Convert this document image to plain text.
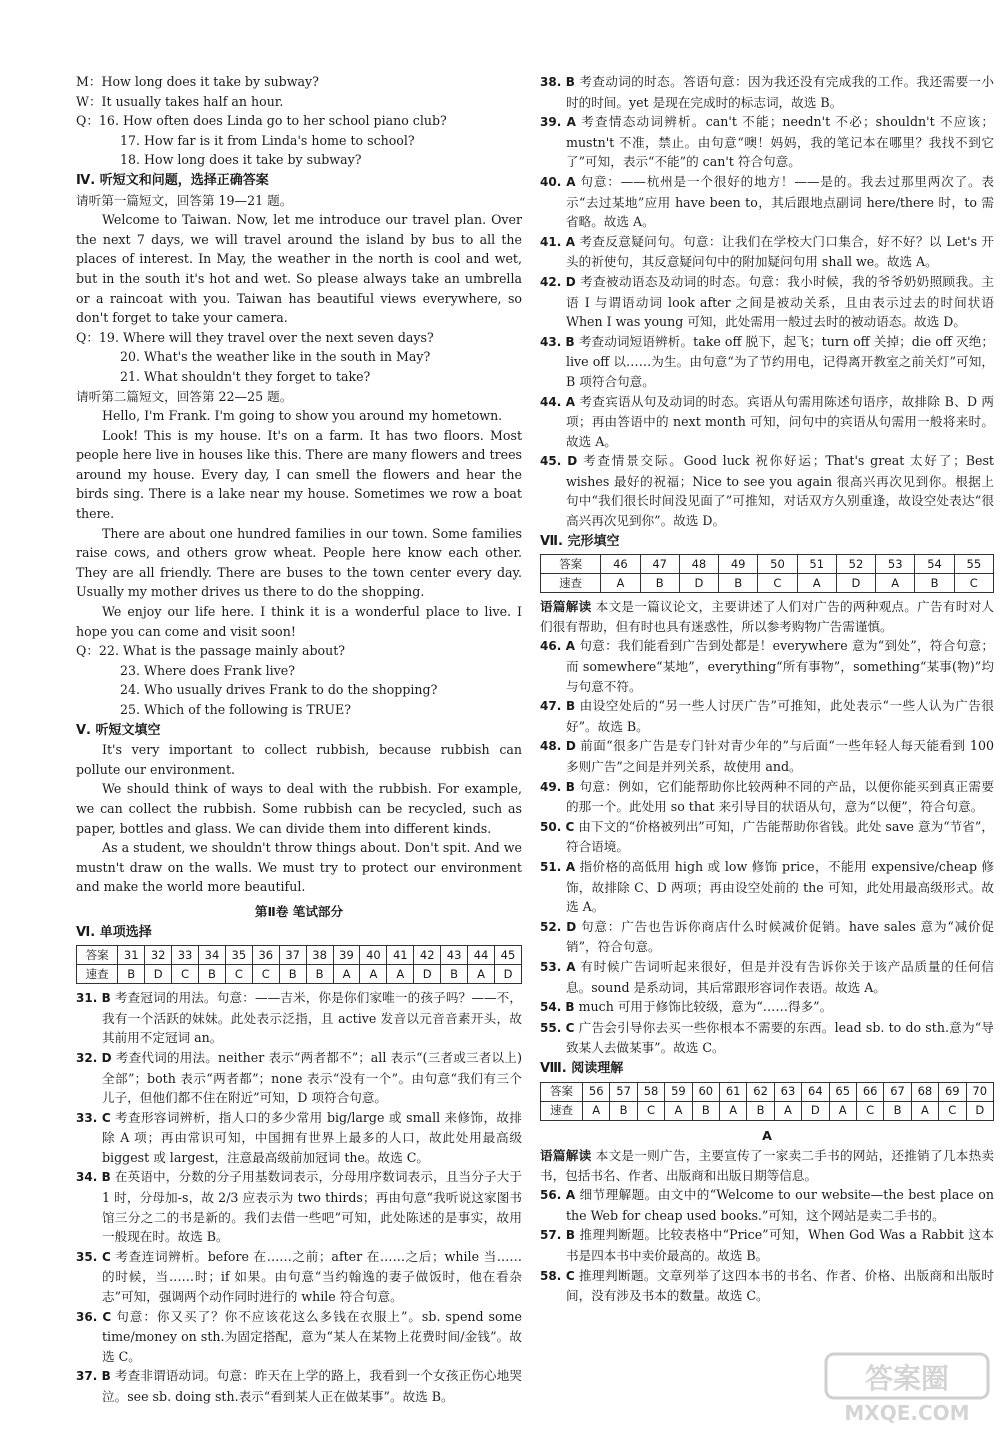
M：How long does it take by subway?

W：It usually takes half an hour.

Q：16. How often does Linda go to her school piano club?

17. How far is it from Linda's home to school?

18. How long does it take by subway?

Ⅳ. 听短文和问题，选择正确答案

请听第一篇短文，回答第 19—21 题。

Welcome to Taiwan. Now, let me introduce our travel plan. Over the next 7 days, we will travel around the island by bus to all the places of interest. In May, the weather in the north is cool and wet, but in the south it's hot and wet. So please always take an umbrella or a raincoat with you. Taiwan has beautiful views everywhere, so don't forget to take your camera.

Q：19. Where will they travel over the next seven days?

20. What's the weather like in the south in May?

21. What shouldn't they forget to take?

请听第二篇短文，回答第 22—25 题。

Hello, I'm Frank. I'm going to show you around my hometown.

Look! This is my house. It's on a farm. It has two floors. Most people here live in houses like this. There are many flowers and trees around my house. Every day, I can smell the flowers and hear the birds sing. There is a lake near my house. Sometimes we row a boat there.

There are about one hundred families in our town. Some families raise cows, and others grow wheat. People here know each other. They are all friendly. There are buses to the town center every day. Usually my mother drives us there to do the shopping.

We enjoy our life here. I think it is a wonderful place to live. I hope you can come and visit soon!

Q：22. What is the passage mainly about?

23. Where does Frank live?

24. Who usually drives Frank to do the shopping?

25. Which of the following is TRUE?

Ⅴ. 听短文填空

It's very important to collect rubbish, because rubbish can pollute our environment.

We should think of ways to deal with the rubbish. For example, we can collect the rubbish. Some rubbish can be recycled, such as paper, bottles and glass. We can divide them into different kinds.

As a student, we shouldn't throw things about. Don't spit. And we mustn't draw on the walls. We must try to protect our environment and make the world more beautiful.

第Ⅱ卷 笔试部分

Ⅵ. 单项选择

答案	31	32	33	34	35	36	37	38	39	40	41	42	43	44	45
速查	B	D	C	B	C	C	B	B	A	A	A	D	B	A	D

31. B 考查冠词的用法。句意：——吉米，你是你们家唯一的孩子吗？——不，我有一个活跃的妹妹。此处表示泛指，且 active 发音以元音音素开头，故其前用不定冠词 an。

32. D 考查代词的用法。neither 表示“两者都不”；all 表示“(三者或三者以上)全部”；both 表示“两者都”；none 表示“没有一个”。由句意“我们有三个儿子，但他们都不住在附近”可知，D 项符合句意。

33. C 考查形容词辨析，指人口的多少常用 big/large 或 small 来修饰，故排除 A 项；再由常识可知，中国拥有世界上最多的人口，故此处用最高级 biggest 或 largest，注意最高级前加冠词 the。故选 C。

34. B 在英语中，分数的分子用基数词表示，分母用序数词表示，且当分子大于 1 时，分母加-s，故 2/3 应表示为 two thirds；再由句意“我听说这家图书馆三分之二的书是新的。我们去借一些吧”可知，此处陈述的是事实，故用一般现在时。故选 B。

35. C 考查连词辨析。before 在……之前；after 在……之后；while 当……的时候，当……时；if 如果。由句意“当约翰逸的妻子做饭时，他在看杂志”可知，强调两个动作同时进行的 while 符合句意。

36. C 句意：你又买了？你不应该花这么多钱在衣服上”。sb. spend some time/money on sth.为固定搭配，意为“某人在某物上花费时间/金钱”。故选 C。

37. B 考查非谓语动词。句意：昨天在上学的路上，我看到一个女孩正伤心地哭泣。see sb. doing sth.表示“看到某人正在做某事”。故选 B。

38. B 考查动词的时态。答语句意：因为我还没有完成我的工作。我还需要一小时的时间。yet 是现在完成时的标志词，故选 B。

39. A 考查情态动词辨析。can't 不能；needn't 不必；shouldn't 不应该；mustn't 不准，禁止。由句意“噢！妈妈，我的笔记本在哪里？我找不到它了”可知，表示“不能”的 can't 符合句意。

40. A 句意：——杭州是一个很好的地方！——是的。我去过那里两次了。表示“去过某地”应用 have been to，其后跟地点副词 here/there 时，to 需省略。故选 A。

41. A 考查反意疑问句。句意：让我们在学校大门口集合，好不好？以 Let's 开头的祈使句，其反意疑问句中的附加疑问句用 shall we。故选 A。

42. D 考查被动语态及动词的时态。句意：我小时候，我的爷爷奶奶照顾我。主语 I 与谓语动词 look after 之间是被动关系，且由表示过去的时间状语 When I was young 可知，此处需用一般过去时的被动语态。故选 D。

43. B 考查动词短语辨析。take off 脱下，起飞；turn off 关掉；die off 灭绝；live off 以……为生。由句意“为了节约用电，记得离开教室之前关灯”可知，B 项符合句意。

44. A 考查宾语从句及动词的时态。宾语从句需用陈述句语序，故排除 B、D 两项；再由答语中的 next month 可知，问句中的宾语从句需用一般将来时。故选 A。

45. D 考查情景交际。Good luck 祝你好运；That's great 太好了；Best wishes 最好的祝福；Nice to see you again 很高兴再次见到你。根据上句中“我们很长时间没见面了”可推知，对话双方久别重逢，故设空处表达“很高兴再次见到你”。故选 D。

Ⅶ. 完形填空

答案	46	47	48	49	50	51	52	53	54	55
速查	A	B	D	B	C	A	D	A	B	C

语篇解读 本文是一篇议论文，主要讲述了人们对广告的两种观点。广告有时对人们很有帮助，但有时也具有迷惑性，所以参考购物广告需谨慎。

46. A 句意：我们能看到广告到处都是！everywhere 意为“到处”，符合句意；而 somewhere“某地”，everything“所有事物”，something“某事(物)”均与句意不符。

47. B 由设空处后的“另一些人讨厌广告”可推知，此处表示“一些人认为广告很好”。故选 B。

48. D 前面“很多广告是专门针对青少年的”与后面“一些年轻人每天能看到 100 多则广告”之间是并列关系，故使用 and。

49. B 句意：例如，它们能帮助你比较两种不同的产品，以便你能买到真正需要的那一个。此处用 so that 来引导目的状语从句，意为“以便”，符合句意。

50. C 由下文的“价格被列出”可知，广告能帮助你省钱。此处 save 意为“节省”，符合语境。

51. A 指价格的高低用 high 或 low 修饰 price，不能用 expensive/cheap 修饰，故排除 C、D 两项；再由设空处前的 the 可知，此处用最高级形式。故选 A。

52. D 句意：广告也告诉你商店什么时候减价促销。have sales 意为“减价促销”，符合句意。

53. A 有时候广告词听起来很好，但是并没有告诉你关于该产品质量的任何信息。sound 是系动词，其后常跟形容词作表语。故选 A。

54. B much 可用于修饰比较级，意为“……得多”。

55. C 广告会引导你去买一些你根本不需要的东西。lead sb. to do sth.意为“导致某人去做某事”。故选 C。

Ⅷ. 阅读理解

答案	56	57	58	59	60	61	62	63	64	65	66	67	68	69	70
速查	A	B	C	A	B	A	B	A	D	A	C	B	A	C	D

A

语篇解读 本文是一则广告，主要宣传了一家卖二手书的网站，还推销了几本热卖书，包括书名、作者、出版商和出版日期等信息。

56. A 细节理解题。由文中的“Welcome to our website—the best place on the Web for cheap used books.”可知，这个网站是卖二手书的。

57. B 推理判断题。比较表格中“Price”可知，When God Was a Rabbit 这本书是四本书中卖价最高的。故选 B。

58. C 推理判断题。文章列举了这四本书的书名、作者、价格、出版商和出版时间，没有涉及书本的数量。故选 C。

答案圈
MXQE.COM
